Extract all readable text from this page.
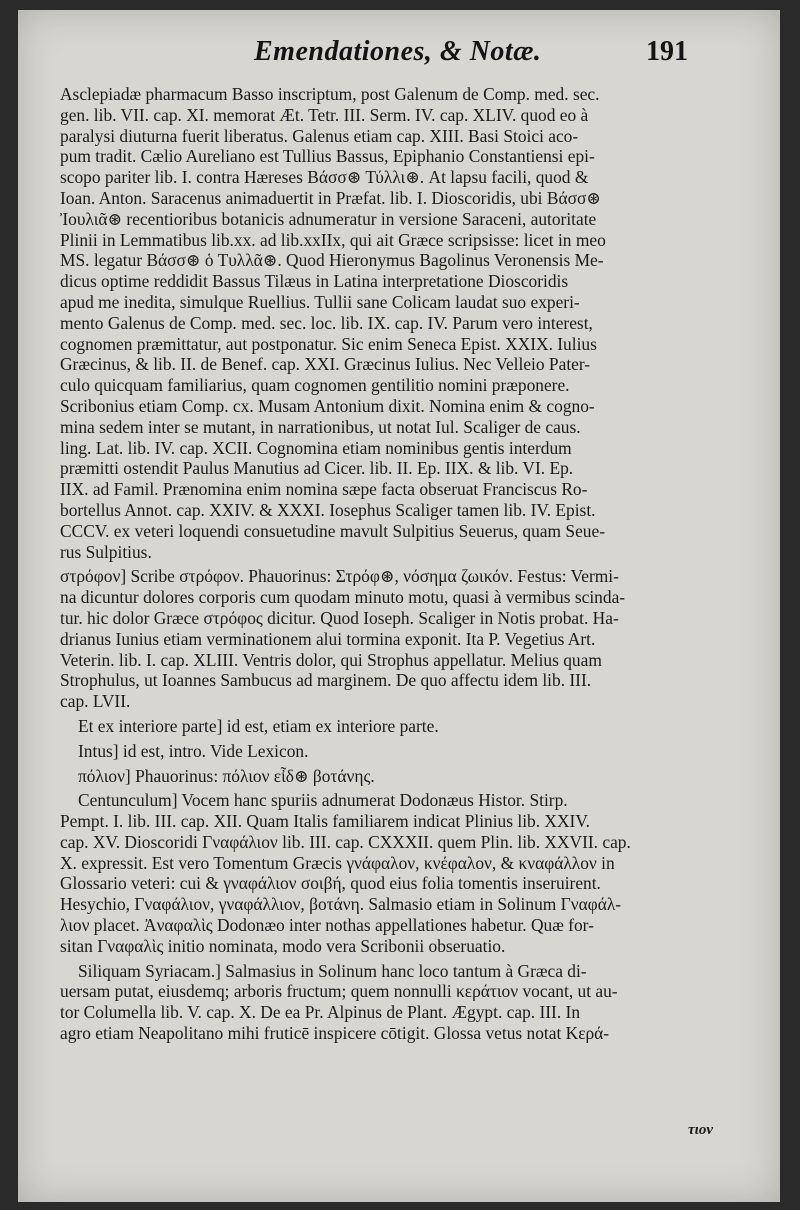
Emendationes, & Notæ.	191
Asclepiadæ pharmacum Basso inscriptum, post Galenum de Comp. med. sec.
gen. lib. VII. cap. XI. memorat Æt. Tetr. III. Serm. IV. cap. XLIV. quod eo à
paralysi diuturna fuerit liberatus. Galenus etiam cap. XIII. Basi Stoici aco-
pum tradit. Cælio Aureliano est Tullius Bassus, Epiphanio Constantiensi epi-
scopo pariter lib. I. contra Hæreses Βάσσ⊛ Τύλλι⊛. At lapsu facili, quod &
Ioan. Anton. Saracenus animaduertit in Præfat. lib. I. Dioscoridis, ubi Βάσσ⊛
Ἰουλιᾶ⊛ recentioribus botanicis adnumeratur in versione Saraceni, autoritate
Plinii in Lemmatibus lib.xx. ad lib.xxIIx, qui ait Græce scripsisse: licet in meo
MS. legatur Βάσσ⊛ ὁ Τυλλᾶ⊛. Quod Hieronymus Bagolinus Veronensis Me-
dicus optime reddidit Bassus Tilæus in Latina interpretatione Dioscoridis
apud me inedita, simulque Ruellius. Tullii sane Colicam laudat suo experi-
mento Galenus de Comp. med. sec. loc. lib. IX. cap. IV. Parum vero interest,
cognomen præmittatur, aut postponatur. Sic enim Seneca Epist. XXIX. Iulius
Græcinus, & lib. II. de Benef. cap. XXI. Græcinus Iulius. Nec Velleio Pater-
culo quicquam familiarius, quam cognomen gentilitio nomini præponere.
Scribonius etiam Comp. cx. Musam Antonium dixit. Nomina enim & cogno-
mina sedem inter se mutant, in narrationibus, ut notat Iul. Scaliger de caus.
ling. Lat. lib. IV. cap. XCII. Cognomina etiam nominibus gentis interdum
præmitti ostendit Paulus Manutius ad Cicer. lib. II. Ep. IIX. & lib. VI. Ep.
IIX. ad Famil. Prænomina enim nomina sæpe facta obseruat Franciscus Ro-
bortellus Annot. cap. XXIV. & XXXI. Iosephus Scaliger tamen lib. IV. Epist.
CCCV. ex veteri loquendi consuetudine mavult Sulpitius Seuerus, quam Seue-
rus Sulpitius.
στρόφον] Scribe στρόφον. Phauorinus: Στρόφ⊛, νόσημα ζωικόν. Festus: Vermi-
na dicuntur dolores corporis cum quodam minuto motu, quasi à vermibus scinda-
tur. hic dolor Græce στρόφος dicitur. Quod Ioseph. Scaliger in Notis probat. Ha-
drianus Iunius etiam verminationem alui tormina exponit. Ita P. Vegetius Art.
Veterin. lib. I. cap. XLIII. Ventris dolor, qui Strophus appellatur. Melius quam
Strophulus, ut Ioannes Sambucus ad marginem. De quo affectu idem lib. III.
cap. LVII.
Et ex interiore parte] id est, etiam ex interiore parte.
Intus] id est, intro. Vide Lexicon.
πόλιον] Phauorinus: πόλιον εἶδ⊛ βοτάνης.
Centunculum] Vocem hanc spuriis adnumerat Dodonæus Histor. Stirp.
Pempt. I. lib. III. cap. XII. Quam Italis familiarem indicat Plinius lib. XXIV.
cap. XV. Dioscoridi Γναφάλιον lib. III. cap. CXXXII. quem Plin. lib. XXVII. cap.
X. expressit. Est vero Tomentum Græcis γνάφαλον, κνέφαλον, & κναφάλλον in
Glossario veteri: cui & γναφάλιον σοιβή, quod eius folia tomentis inseruirent.
Hesychio, Γναφάλιον, γναφάλλιον, βοτάνη. Salmasio etiam in Solinum Γναφάλ-
λιον placet. Ἀναφαλὶς Dodonæo inter nothas appellationes habetur. Quæ for-
sitan Γναφαλὶς initio nominata, modo vera Scribonii obseruatio.
Siliquam Syriacam.] Salmasius in Solinum hanc loco tantum à Græca di-
uersam putat, eiusdemq; arboris fructum; quem nonnulli κεράτιον vocant, ut au-
tor Columella lib. V. cap. X. De ea Pr. Alpinus de Plant. Ægypt. cap. III. In
agro etiam Neapolitano mihi fruticē inspicere cōtigit. Glossa vetus notat Κερά-
τιον
